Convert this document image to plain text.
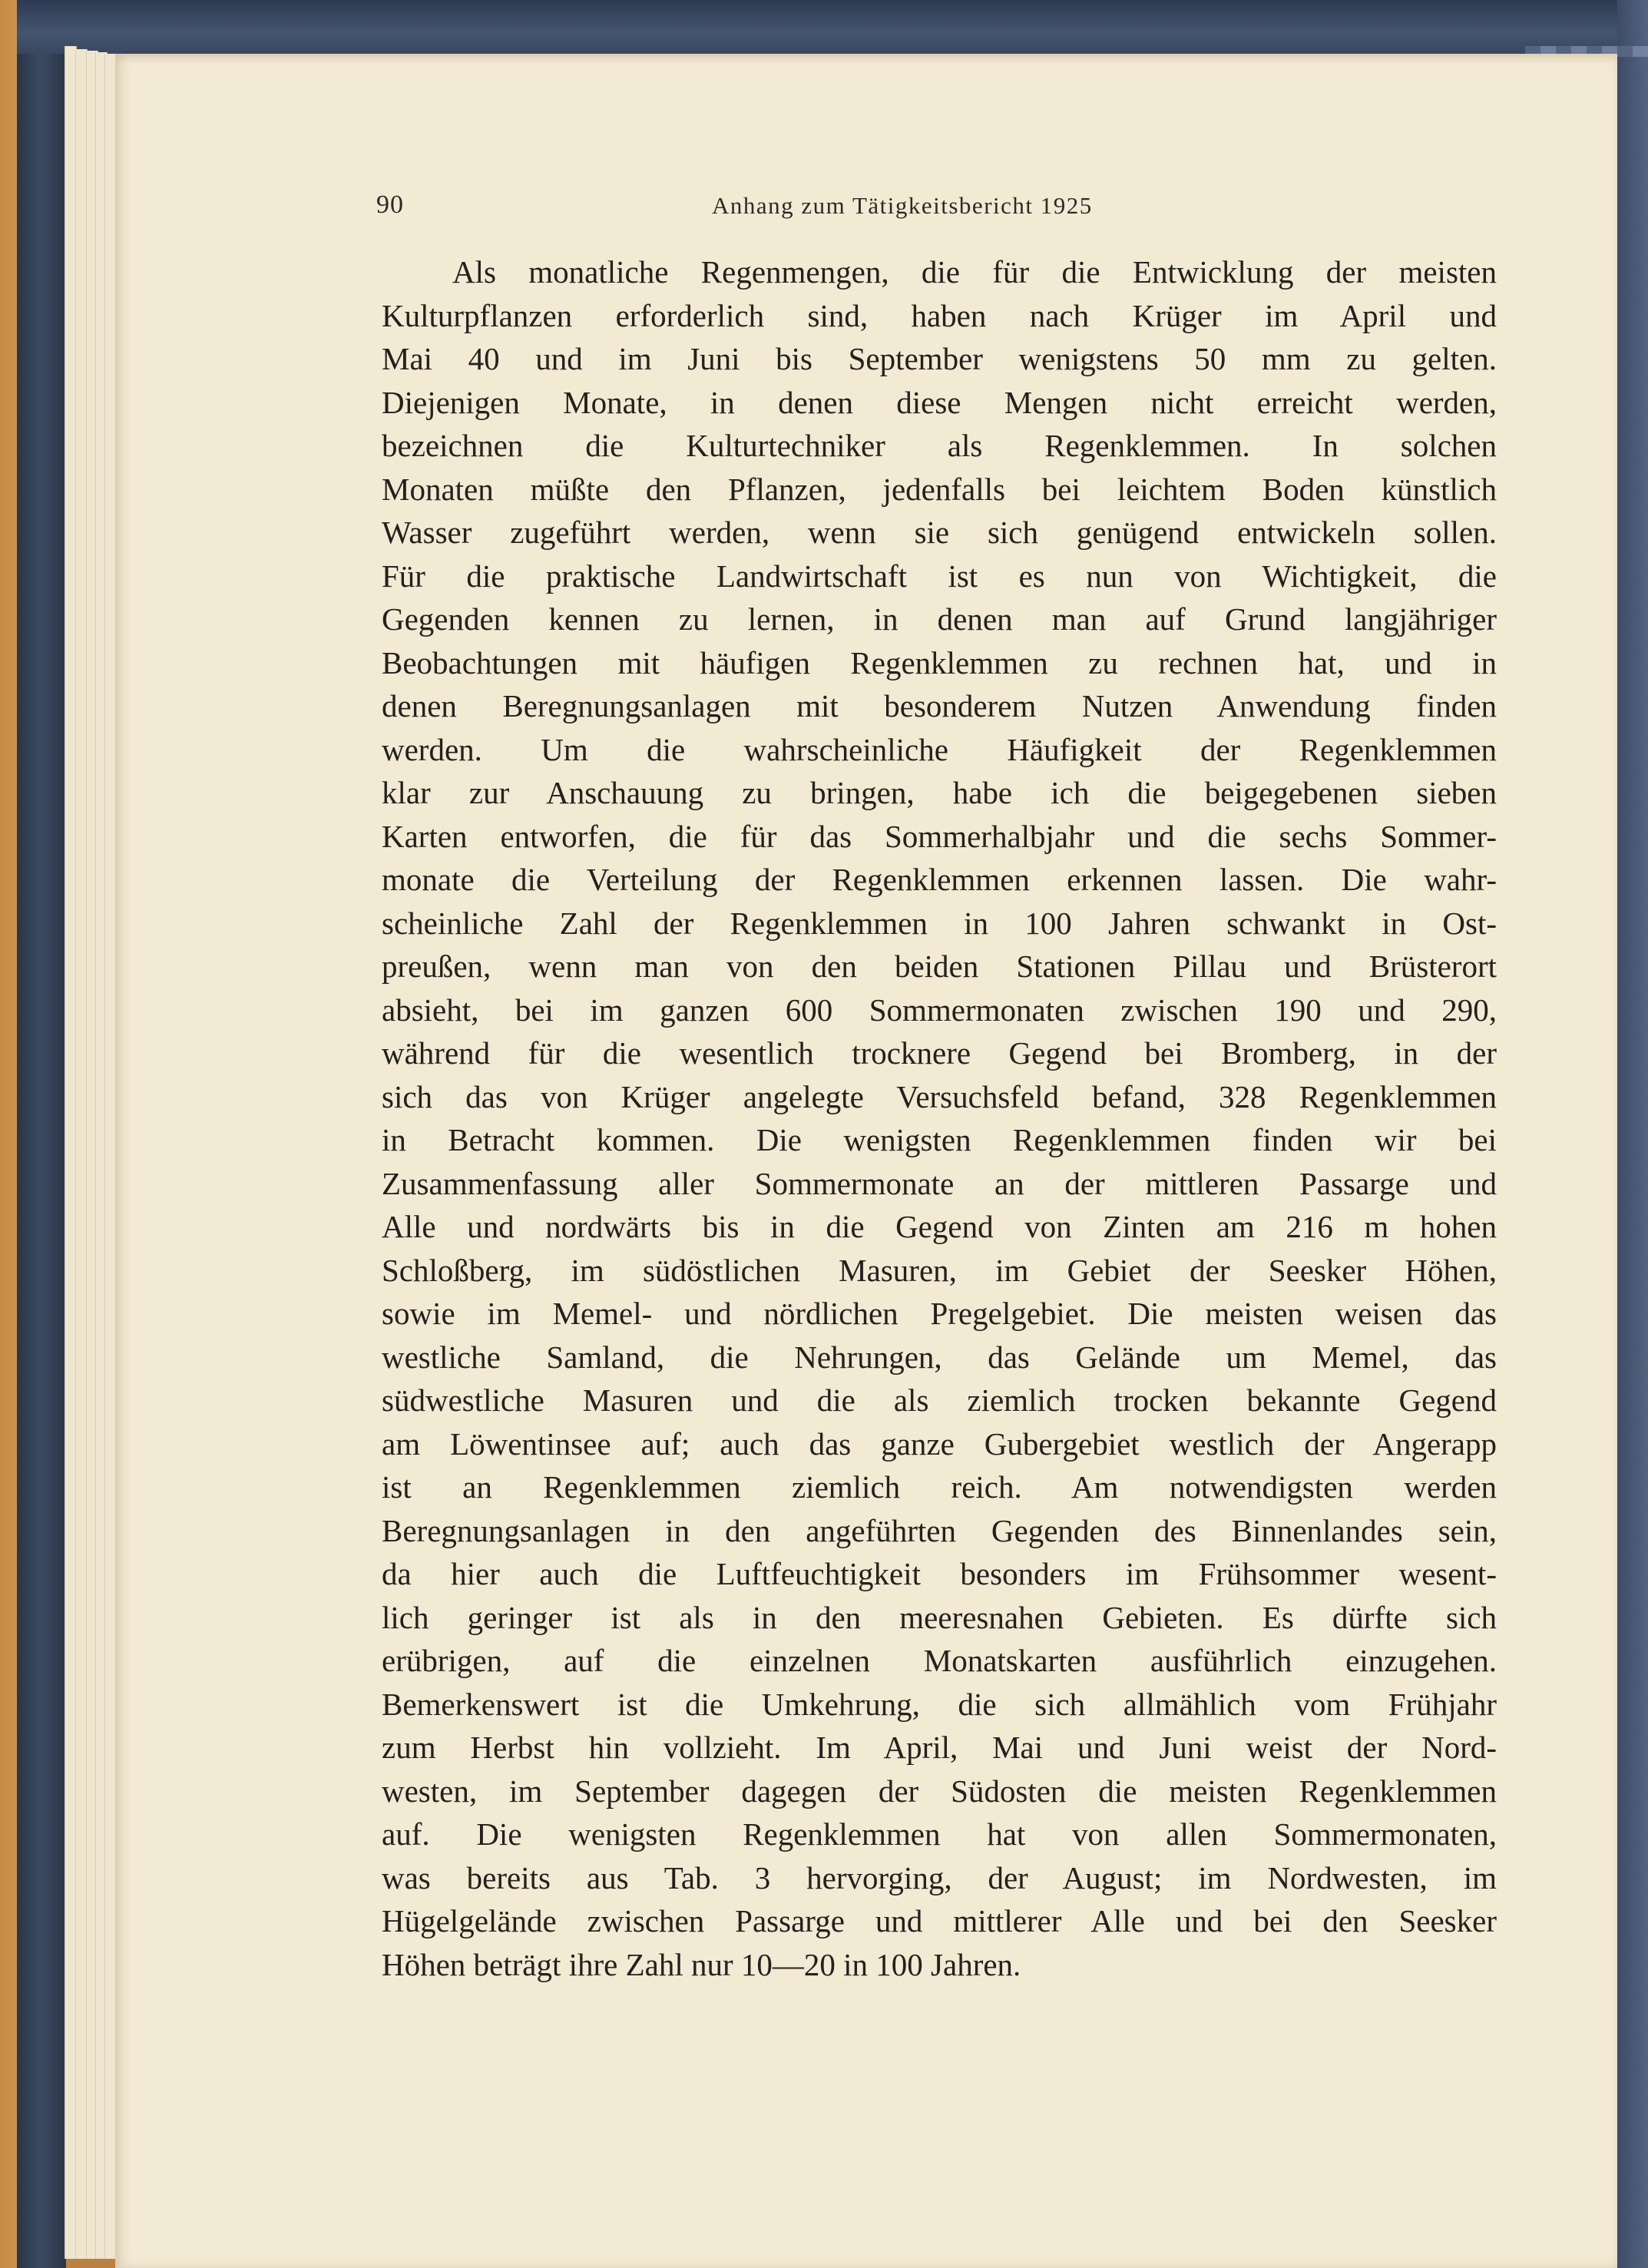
90	Anhang zum Tätigkeitsbericht 1925
Als monatliche Regenmengen, die für die Entwicklung der meisten
Kulturpflanzen erforderlich sind, haben nach Krüger im April und
Mai 40 und im Juni bis September wenigstens 50 mm zu gelten.
Diejenigen Monate, in denen diese Mengen nicht erreicht werden,
bezeichnen die Kulturtechniker als Regenklemmen. In solchen
Monaten müßte den Pflanzen, jedenfalls bei leichtem Boden künstlich
Wasser zugeführt werden, wenn sie sich genügend entwickeln sollen.
Für die praktische Landwirtschaft ist es nun von Wichtigkeit, die
Gegenden kennen zu lernen, in denen man auf Grund langjähriger
Beobachtungen mit häufigen Regenklemmen zu rechnen hat, und in
denen Beregnungsanlagen mit besonderem Nutzen Anwendung finden
werden. Um die wahrscheinliche Häufigkeit der Regenklemmen
klar zur Anschauung zu bringen, habe ich die beigegebenen sieben
Karten entworfen, die für das Sommerhalbjahr und die sechs Sommer-
monate die Verteilung der Regenklemmen erkennen lassen. Die wahr-
scheinliche Zahl der Regenklemmen in 100 Jahren schwankt in Ost-
preußen, wenn man von den beiden Stationen Pillau und Brüsterort
absieht, bei im ganzen 600 Sommermonaten zwischen 190 und 290,
während für die wesentlich trocknere Gegend bei Bromberg, in der
sich das von Krüger angelegte Versuchsfeld befand, 328 Regenklemmen
in Betracht kommen. Die wenigsten Regenklemmen finden wir bei
Zusammenfassung aller Sommermonate an der mittleren Passarge und
Alle und nordwärts bis in die Gegend von Zinten am 216 m hohen
Schloßberg, im südöstlichen Masuren, im Gebiet der Seesker Höhen,
sowie im Memel- und nördlichen Pregelgebiet. Die meisten weisen das
westliche Samland, die Nehrungen, das Gelände um Memel, das
südwestliche Masuren und die als ziemlich trocken bekannte Gegend
am Löwentinsee auf; auch das ganze Gubergebiet westlich der Angerapp
ist an Regenklemmen ziemlich reich. Am notwendigsten werden
Beregnungsanlagen in den angeführten Gegenden des Binnenlandes sein,
da hier auch die Luftfeuchtigkeit besonders im Frühsommer wesent-
lich geringer ist als in den meeresnahen Gebieten. Es dürfte sich
erübrigen, auf die einzelnen Monatskarten ausführlich einzugehen.
Bemerkenswert ist die Umkehrung, die sich allmählich vom Frühjahr
zum Herbst hin vollzieht. Im April, Mai und Juni weist der Nord-
westen, im September dagegen der Südosten die meisten Regenklemmen
auf. Die wenigsten Regenklemmen hat von allen Sommermonaten,
was bereits aus Tab. 3 hervorging, der August; im Nordwesten, im
Hügelgelände zwischen Passarge und mittlerer Alle und bei den Seesker
Höhen beträgt ihre Zahl nur 10—20 in 100 Jahren.
